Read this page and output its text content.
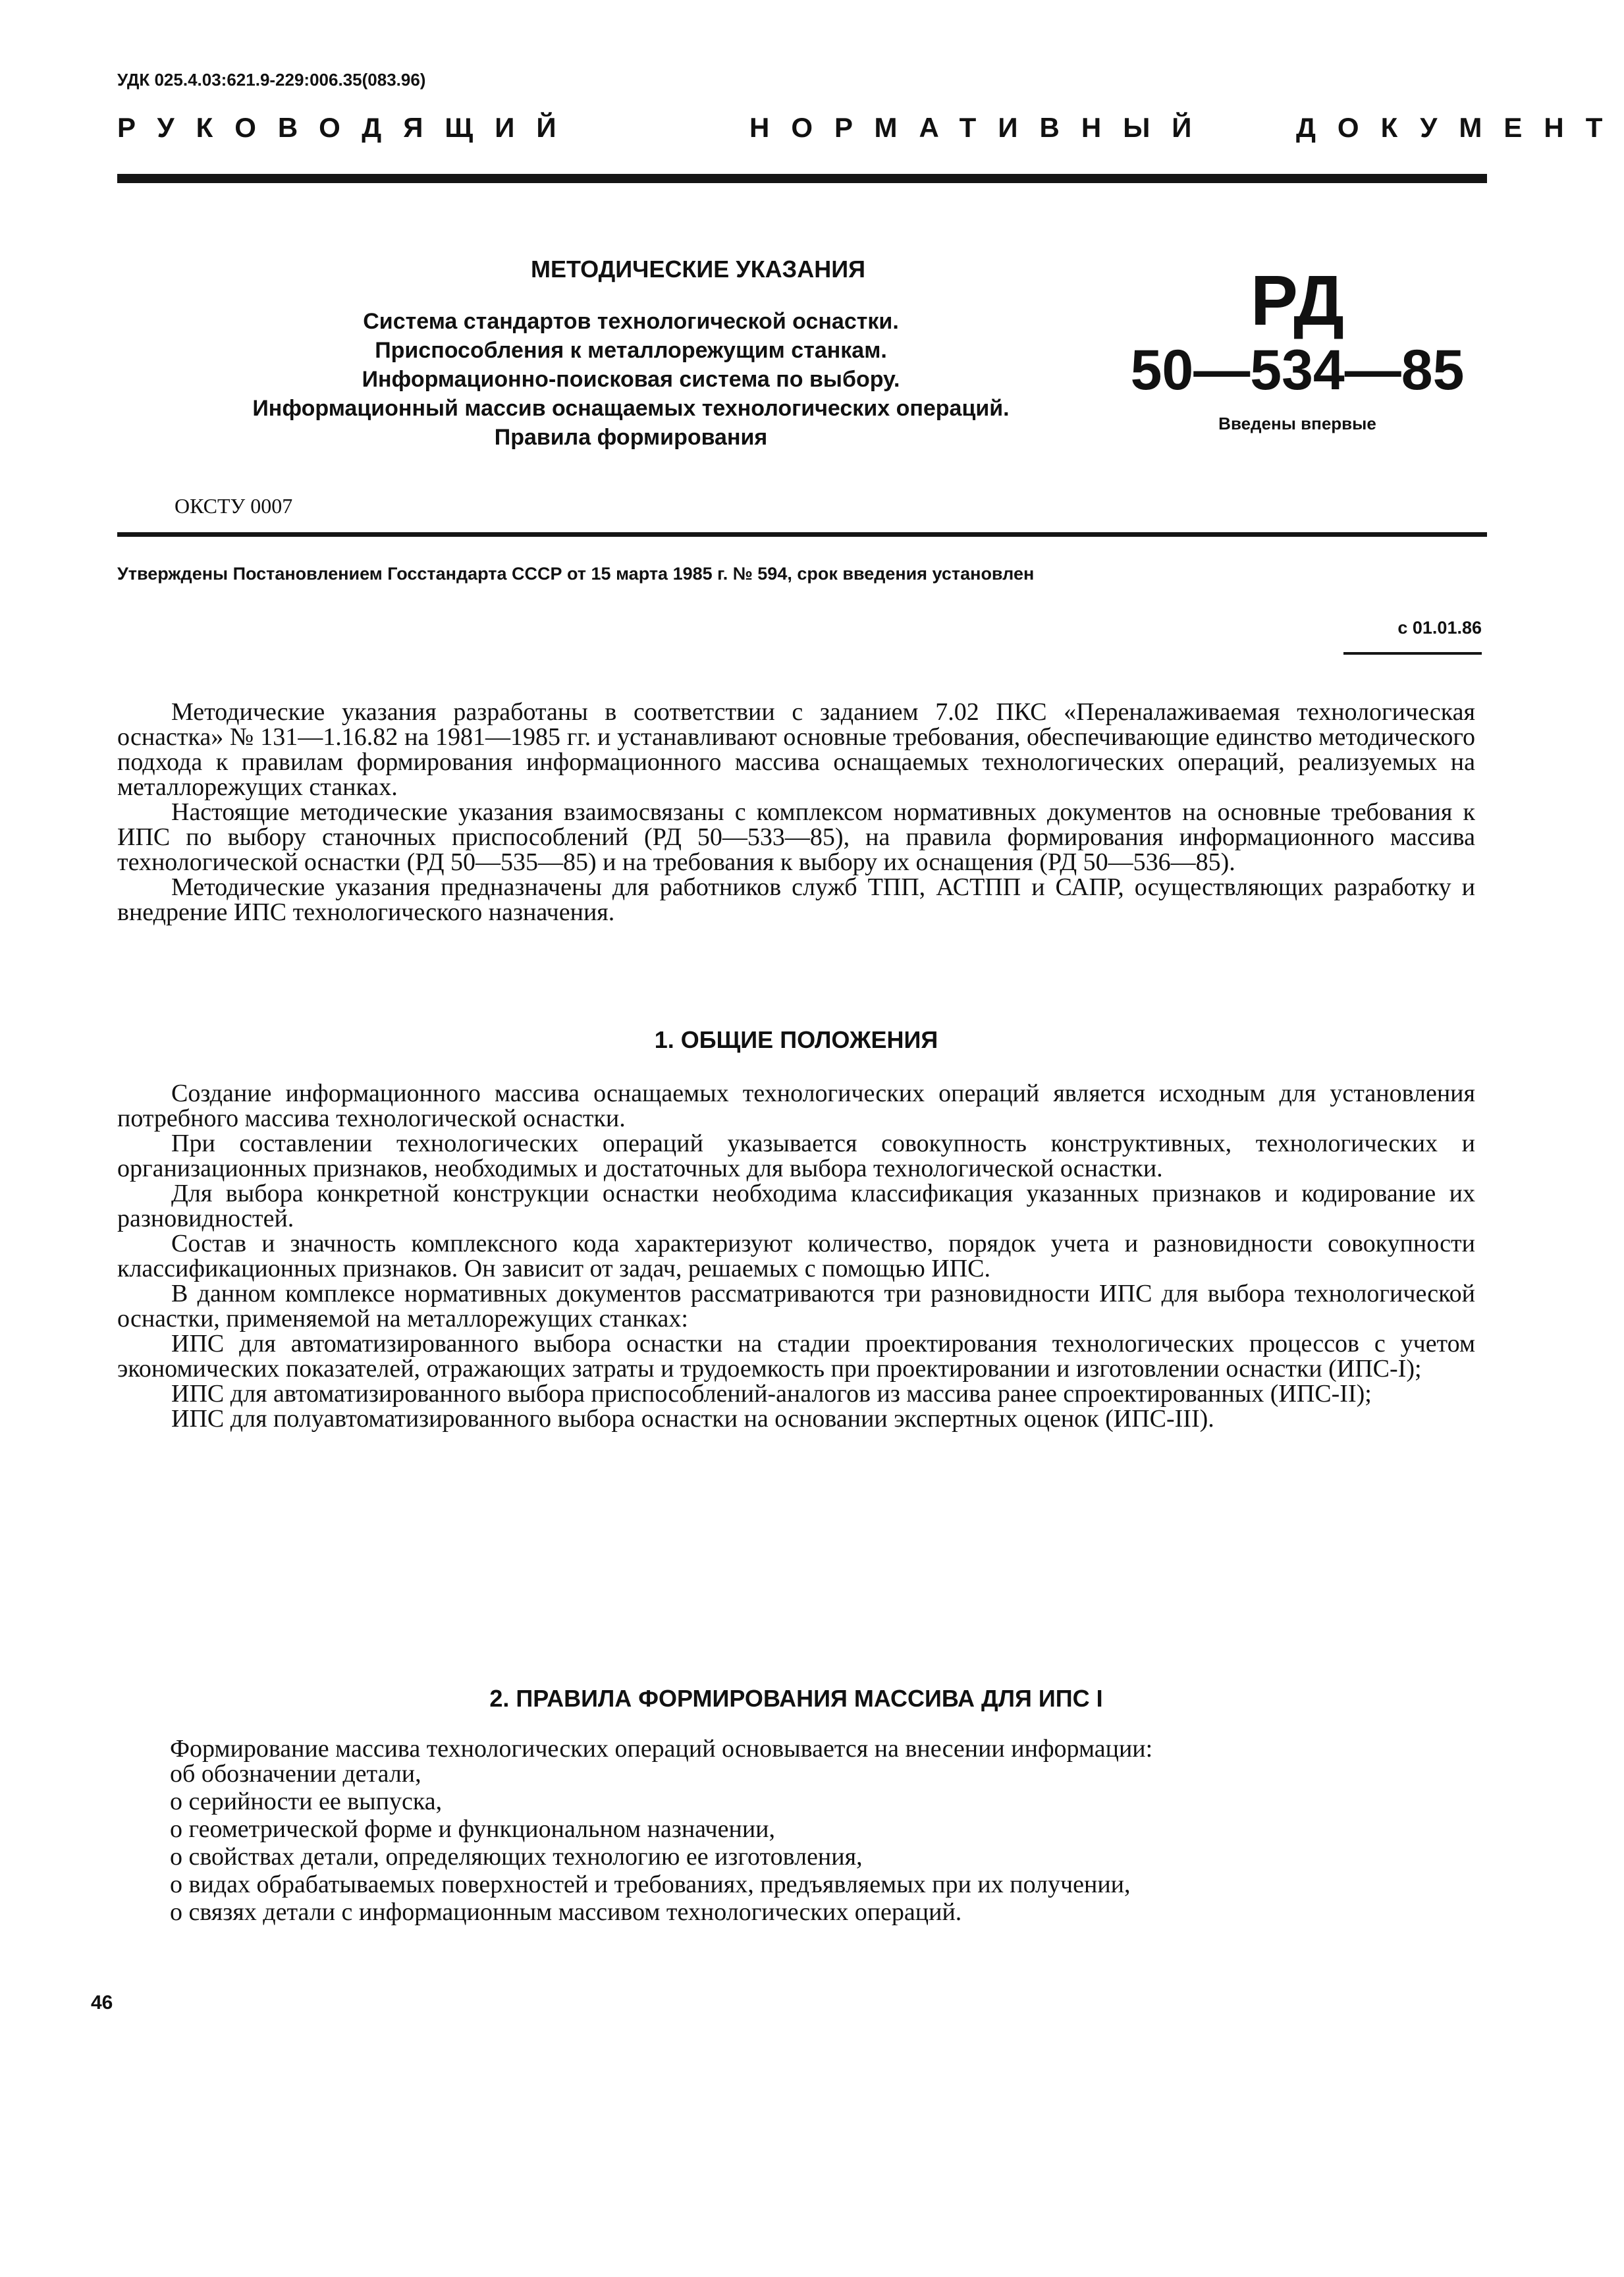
УДК 025.4.03:621.9-229:006.35(083.96)
РУКОВОДЯЩИЙ	НОРМАТИВНЫЙ	ДОКУМЕНТ
МЕТОДИЧЕСКИЕ УКАЗАНИЯ
Система стандартов технологической оснастки.
Приспособления к металлорежущим станкам.
Информационно-поисковая система по выбору.
Информационный массив оснащаемых технологических операций.
Правила формирования
РД
50—534—85
Введены впервые
ОКСТУ 0007
Утверждены Постановлением Госстандарта СССР от 15 марта 1985 г. № 594, срок введения установлен
с 01.01.86

Методические указания разработаны в соответствии с заданием 7.02 ПКС «Переналаживаемая технологическая оснастка» № 131—1.16.82 на 1981—1985 гг. и устанавливают основные требования, обеспечивающие единство методического подхода к правилам формирования информационного массива оснащаемых технологических операций, реализуемых на металлорежущих станках.

Настоящие методические указания взаимосвязаны с комплексом нормативных документов на основные требования к ИПС по выбору станочных приспособлений (РД 50—533—85), на правила формирования информационного массива технологической оснастки (РД 50—535—85) и на требования к выбору их оснащения (РД 50—536—85).

Методические указания предназначены для работников служб ТПП, АСТПП и САПР, осуществляющих разработку и внедрение ИПС технологического назначения.

1. ОБЩИЕ ПОЛОЖЕНИЯ

Создание информационного массива оснащаемых технологических операций является исходным для установления потребного массива технологической оснастки.

При составлении технологических операций указывается совокупность конструктивных, технологических и организационных признаков, необходимых и достаточных для выбора технологической оснастки.

Для выбора конкретной конструкции оснастки необходима классификация указанных признаков и кодирование их разновидностей.

Состав и значность комплексного кода характеризуют количество, порядок учета и разновидности совокупности классификационных признаков. Он зависит от задач, решаемых с помощью ИПС.

В данном комплексе нормативных документов рассматриваются три разновидности ИПС для выбора технологической оснастки, применяемой на металлорежущих станках:

ИПС для автоматизированного выбора оснастки на стадии проектирования технологических процессов с учетом экономических показателей, отражающих затраты и трудоемкость при проектировании и изготовлении оснастки (ИПС-I);

ИПС для автоматизированного выбора приспособлений-аналогов из массива ранее спроектированных (ИПС-II);

ИПС для полуавтоматизированного выбора оснастки на основании экспертных оценок (ИПС-III).

2. ПРАВИЛА ФОРМИРОВАНИЯ МАССИВА ДЛЯ ИПС I
Формирование массива технологических операций основывается на внесении информации:
об обозначении детали,
о серийности ее выпуска,
о геометрической форме и функциональном назначении,
о свойствах детали, определяющих технологию ее изготовления,
о видах обрабатываемых поверхностей и требованиях, предъявляемых при их получении,
о связях детали с информационным массивом технологических операций.
46
